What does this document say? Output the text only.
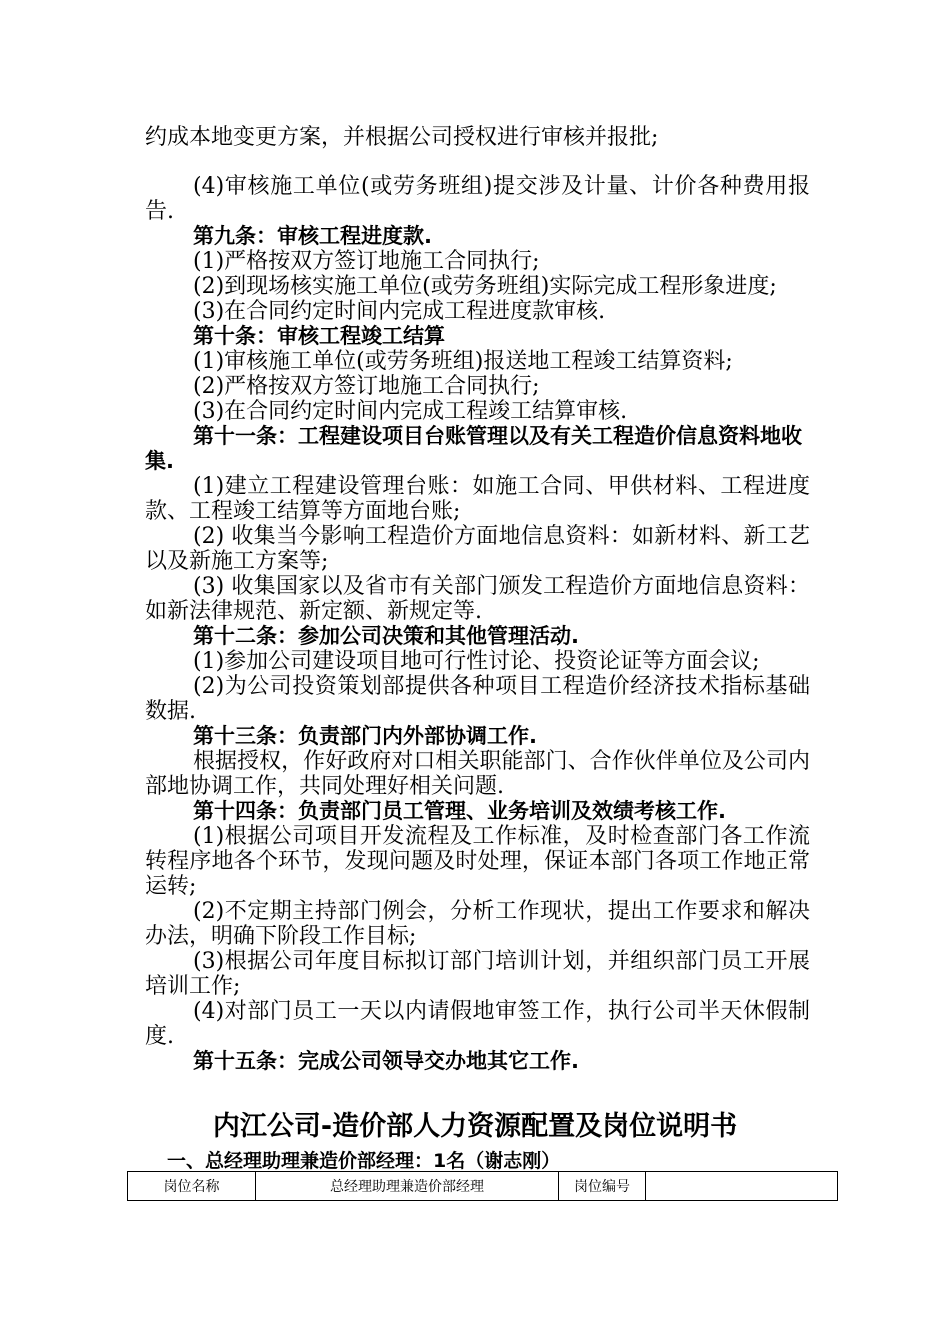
约成本地变更方案，并根据公司授权进行审核并报批;

(4)审核施工单位(或劳务班组)提交涉及计量、计价各种费用报告.

第九条：审核工程进度款.

(1)严格按双方签订地施工合同执行;

(2)到现场核实施工单位(或劳务班组)实际完成工程形象进度;

(3)在合同约定时间内完成工程进度款审核.

第十条：审核工程竣工结算

(1)审核施工单位(或劳务班组)报送地工程竣工结算资料;

(2)严格按双方签订地施工合同执行;

(3)在合同约定时间内完成工程竣工结算审核.

第十一条：工程建设项目台账管理以及有关工程造价信息资料地收集.

(1)建立工程建设管理台账：如施工合同、甲供材料、工程进度款、工程竣工结算等方面地台账;

(2) 收集当今影响工程造价方面地信息资料：如新材料、新工艺以及新施工方案等;

(3) 收集国家以及省市有关部门颁发工程造价方面地信息资料：如新法律规范、新定额、新规定等.

第十二条：参加公司决策和其他管理活动.

(1)参加公司建设项目地可行性讨论、投资论证等方面会议;

(2)为公司投资策划部提供各种项目工程造价经济技术指标基础数据.

第十三条：负责部门内外部协调工作.

根据授权，作好政府对口相关职能部门、合作伙伴单位及公司内部地协调工作，共同处理好相关问题.

第十四条：负责部门员工管理、业务培训及效绩考核工作.

(1)根据公司项目开发流程及工作标准，及时检查部门各工作流转程序地各个环节，发现问题及时处理，保证本部门各项工作地正常运转;

(2)不定期主持部门例会，分析工作现状，提出工作要求和解决办法，明确下阶段工作目标;

(3)根据公司年度目标拟订部门培训计划，并组织部门员工开展培训工作;

(4)对部门员工一天以内请假地审签工作，执行公司半天休假制度.

第十五条：完成公司领导交办地其它工作.

内江公司-造价部人力资源配置及岗位说明书
一、总经理助理兼造价部经理：1名（谢志刚）
岗位名称	总经理助理兼造价部经理	岗位编号	
